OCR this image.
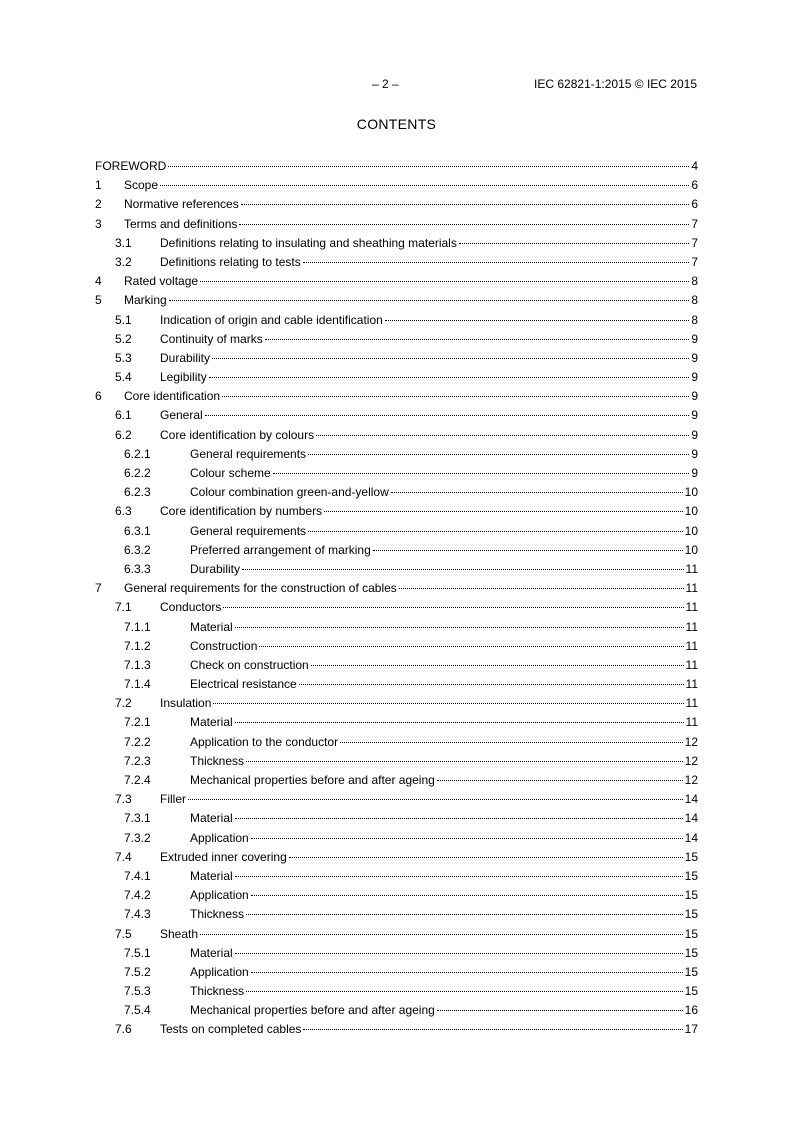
– 2 –	IEC 62821-1:2015 © IEC 2015
CONTENTS
FOREWORD	4
1	Scope	6
2	Normative references	6
3	Terms and definitions	7
3.1	Definitions relating to insulating and sheathing materials	7
3.2	Definitions relating to tests	7
4	Rated voltage	8
5	Marking	8
5.1	Indication of origin and cable identification	8
5.2	Continuity of marks	9
5.3	Durability	9
5.4	Legibility	9
6	Core identification	9
6.1	General	9
6.2	Core identification by colours	9
6.2.1	General requirements	9
6.2.2	Colour scheme	9
6.2.3	Colour combination green-and-yellow	10
6.3	Core identification by numbers	10
6.3.1	General requirements	10
6.3.2	Preferred arrangement of marking	10
6.3.3	Durability	11
7	General requirements for the construction of cables	11
7.1	Conductors	11
7.1.1	Material	11
7.1.2	Construction	11
7.1.3	Check on construction	11
7.1.4	Electrical resistance	11
7.2	Insulation	11
7.2.1	Material	11
7.2.2	Application to the conductor	12
7.2.3	Thickness	12
7.2.4	Mechanical properties before and after ageing	12
7.3	Filler	14
7.3.1	Material	14
7.3.2	Application	14
7.4	Extruded inner covering	15
7.4.1	Material	15
7.4.2	Application	15
7.4.3	Thickness	15
7.5	Sheath	15
7.5.1	Material	15
7.5.2	Application	15
7.5.3	Thickness	15
7.5.4	Mechanical properties before and after ageing	16
7.6	Tests on completed cables	17
